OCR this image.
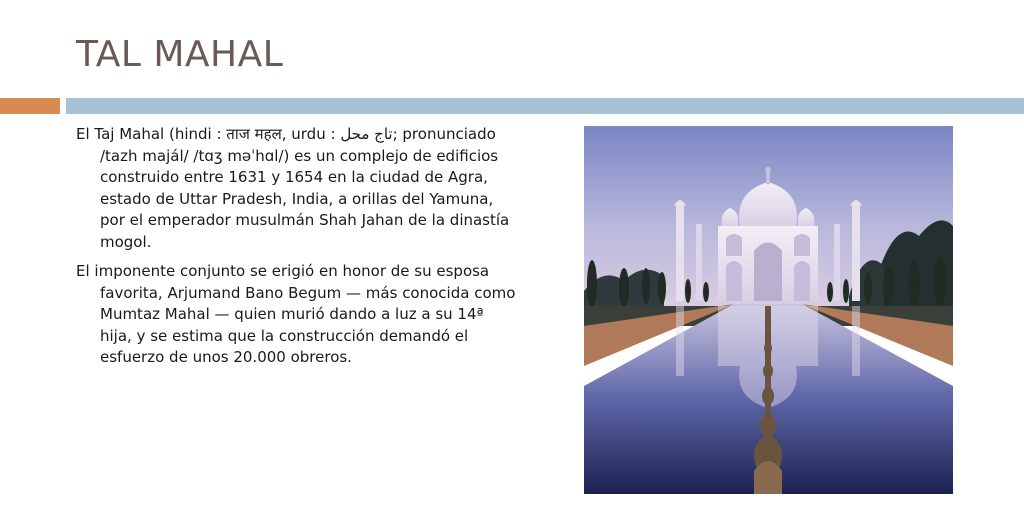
TAL MAHAL

El Taj Mahal (hindi : ताज महल, urdu : تاج محل; pronunciado /tazh majál/ /tɑʒ məˈhɑl/) es un complejo de edificios construido entre 1631 y 1654 en la ciudad de Agra, estado de Uttar Pradesh, India, a orillas del Yamuna, por el emperador musulmán Shah Jahan de la dinastía mogol.

El imponente conjunto se erigió en honor de su esposa favorita, Arjumand Bano Begum — más conocida como Mumtaz Mahal — quien murió dando a luz a su 14ª hija, y se estima que la construcción demandó el esfuerzo de unos 20.000 obreros.
